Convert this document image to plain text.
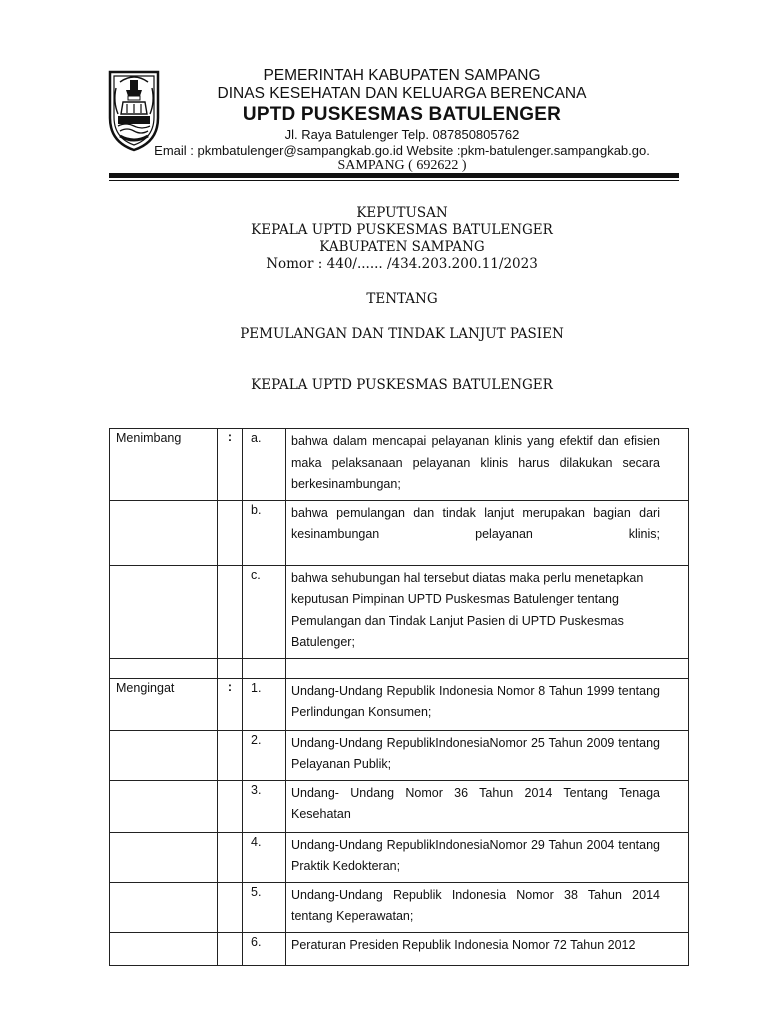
PEMERINTAH KABUPATEN SAMPANG
DINAS KESEHATAN DAN KELUARGA BERENCANA
UPTD PUSKESMAS BATULENGER
Jl. Raya Batulenger Telp. 087850805762
Email : pkmbatulenger@sampangkab.go.id Website :pkm-batulenger.sampangkab.go.
SAMPANG ( 692622 )
KEPUTUSAN
KEPALA UPTD PUSKESMAS BATULENGER
KABUPATEN SAMPANG
Nomor : 440/...... /434.203.200.11/2023
TENTANG
PEMULANGAN DAN TINDAK LANJUT PASIEN
KEPALA UPTD PUSKESMAS BATULENGER
Menimbang	:	a.	bahwa dalam mencapai pelayanan klinis yang efektif dan efisien maka pelaksanaan pelayanan klinis harus dilakukan secara berkesinambungan;
		b.	bahwa pemulangan dan tindak lanjut merupakan bagian dari kesinambungan pelayanan klinis;
		c.	bahwa sehubungan hal tersebut diatas maka perlu menetapkan keputusan Pimpinan UPTD Puskesmas Batulenger tentang Pemulangan dan Tindak Lanjut Pasien di UPTD Puskesmas Batulenger;

Mengingat	:	1.	Undang-Undang Republik Indonesia Nomor 8 Tahun 1999 tentang Perlindungan Konsumen;
		2.	Undang-Undang RepublikIndonesiaNomor 25 Tahun 2009 tentang Pelayanan Publik;
		3.	Undang- Undang Nomor 36 Tahun 2014 Tentang Tenaga Kesehatan
		4.	Undang-Undang RepublikIndonesiaNomor 29 Tahun 2004 tentang Praktik Kedokteran;
		5.	Undang-Undang Republik Indonesia Nomor 38 Tahun 2014 tentang Keperawatan;
		6.	Peraturan Presiden Republik Indonesia Nomor 72 Tahun 2012
